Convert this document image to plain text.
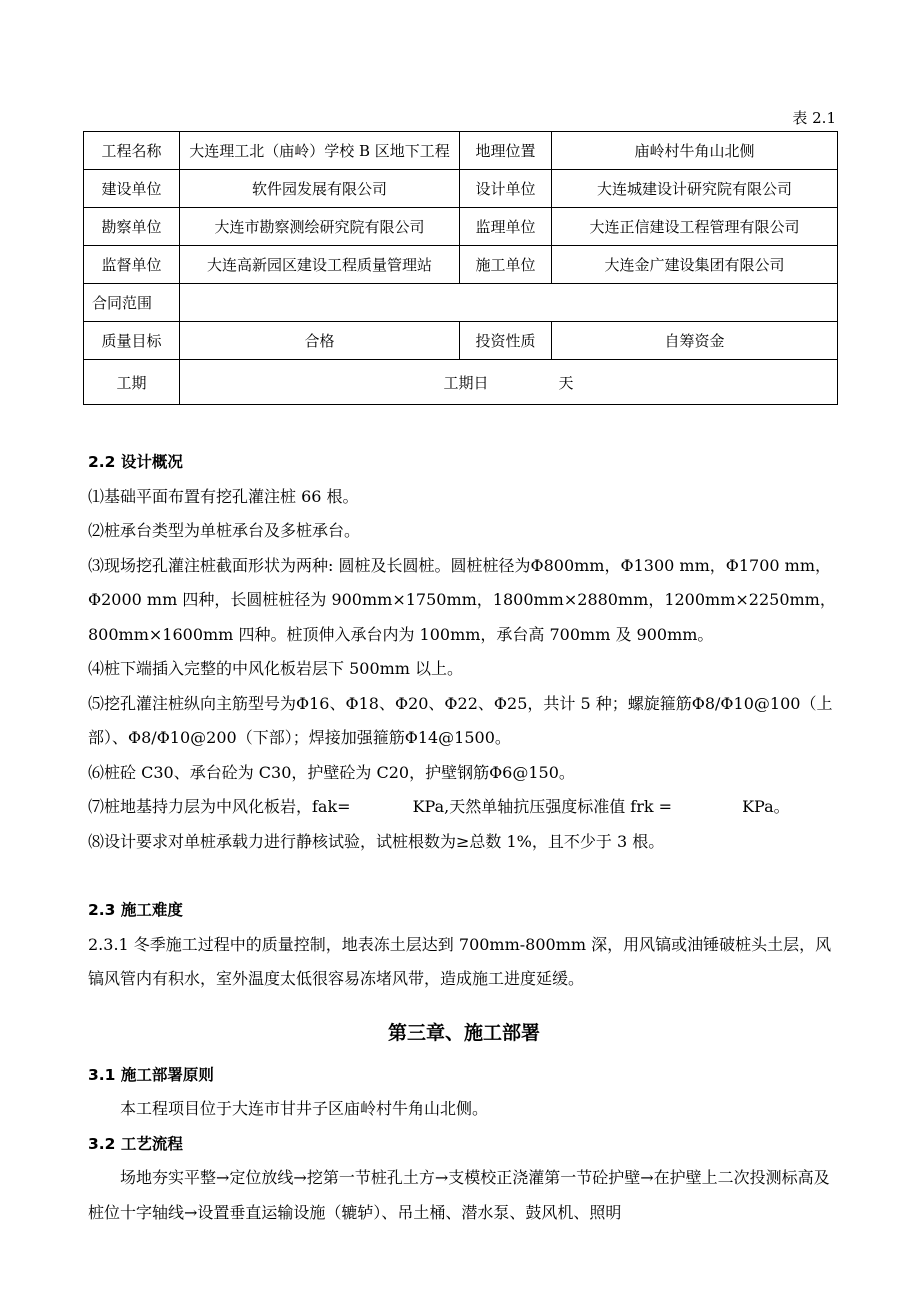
表 2.1
工程名称	大连理工北（庙岭）学校 B 区地下工程	地理位置	庙岭村牛角山北侧
建设单位	软件园发展有限公司	设计单位	大连城建设计研究院有限公司
勘察单位	大连市勘察测绘研究院有限公司	监理单位	大连正信建设工程管理有限公司
监督单位	大连高新园区建设工程质量管理站	施工单位	大连金广建设集团有限公司
合同范围			
质量目标	合格	投资性质	自筹资金
工期	工期日 天		

2.2 设计概况

⑴基础平面布置有挖孔灌注桩 66 根。

⑵桩承台类型为单桩承台及多桩承台。

⑶现场挖孔灌注桩截面形状为两种: 圆桩及长圆桩。圆桩桩径为Φ800mm，Φ1300 mm，Φ1700 mm，Φ2000 mm 四种，长圆桩桩径为 900mm×1750mm，1800mm×2880mm，1200mm×2250mm，800mm×1600mm 四种。桩顶伸入承台内为 100mm，承台高 700mm 及 900mm。

⑷桩下端插入完整的中风化板岩层下 500mm 以上。

⑸挖孔灌注桩纵向主筋型号为Φ16、Φ18、Φ20、Φ22、Φ25，共计 5 种；螺旋箍筋Φ8/Φ10@100（上部）、Φ8/Φ10@200（下部）；焊接加强箍筋Φ14@1500。

⑹桩砼 C30、承台砼为 C30，护壁砼为 C20，护壁钢筋Φ6@150。

⑺桩地基持力层为中风化板岩，fak=	KPa,天然单轴抗压强度标准值 frk =	KPa。

⑻设计要求对单桩承载力进行静核试验，试桩根数为≥总数 1%，且不少于 3 根。

2.3 施工难度

2.3.1 冬季施工过程中的质量控制，地表冻土层达到 700mm-800mm 深，用风镐或油锤破桩头土层，风镐风管内有积水，室外温度太低很容易冻堵风带，造成施工进度延缓。

第三章、施工部署

3.1 施工部署原则

本工程项目位于大连市甘井子区庙岭村牛角山北侧。

3.2 工艺流程

场地夯实平整→定位放线→挖第一节桩孔土方→支模校正浇灌第一节砼护壁→在护壁上二次投测标高及桩位十字轴线→设置垂直运输设施（辘轳）、吊土桶、潜水泵、鼓风机、照明
